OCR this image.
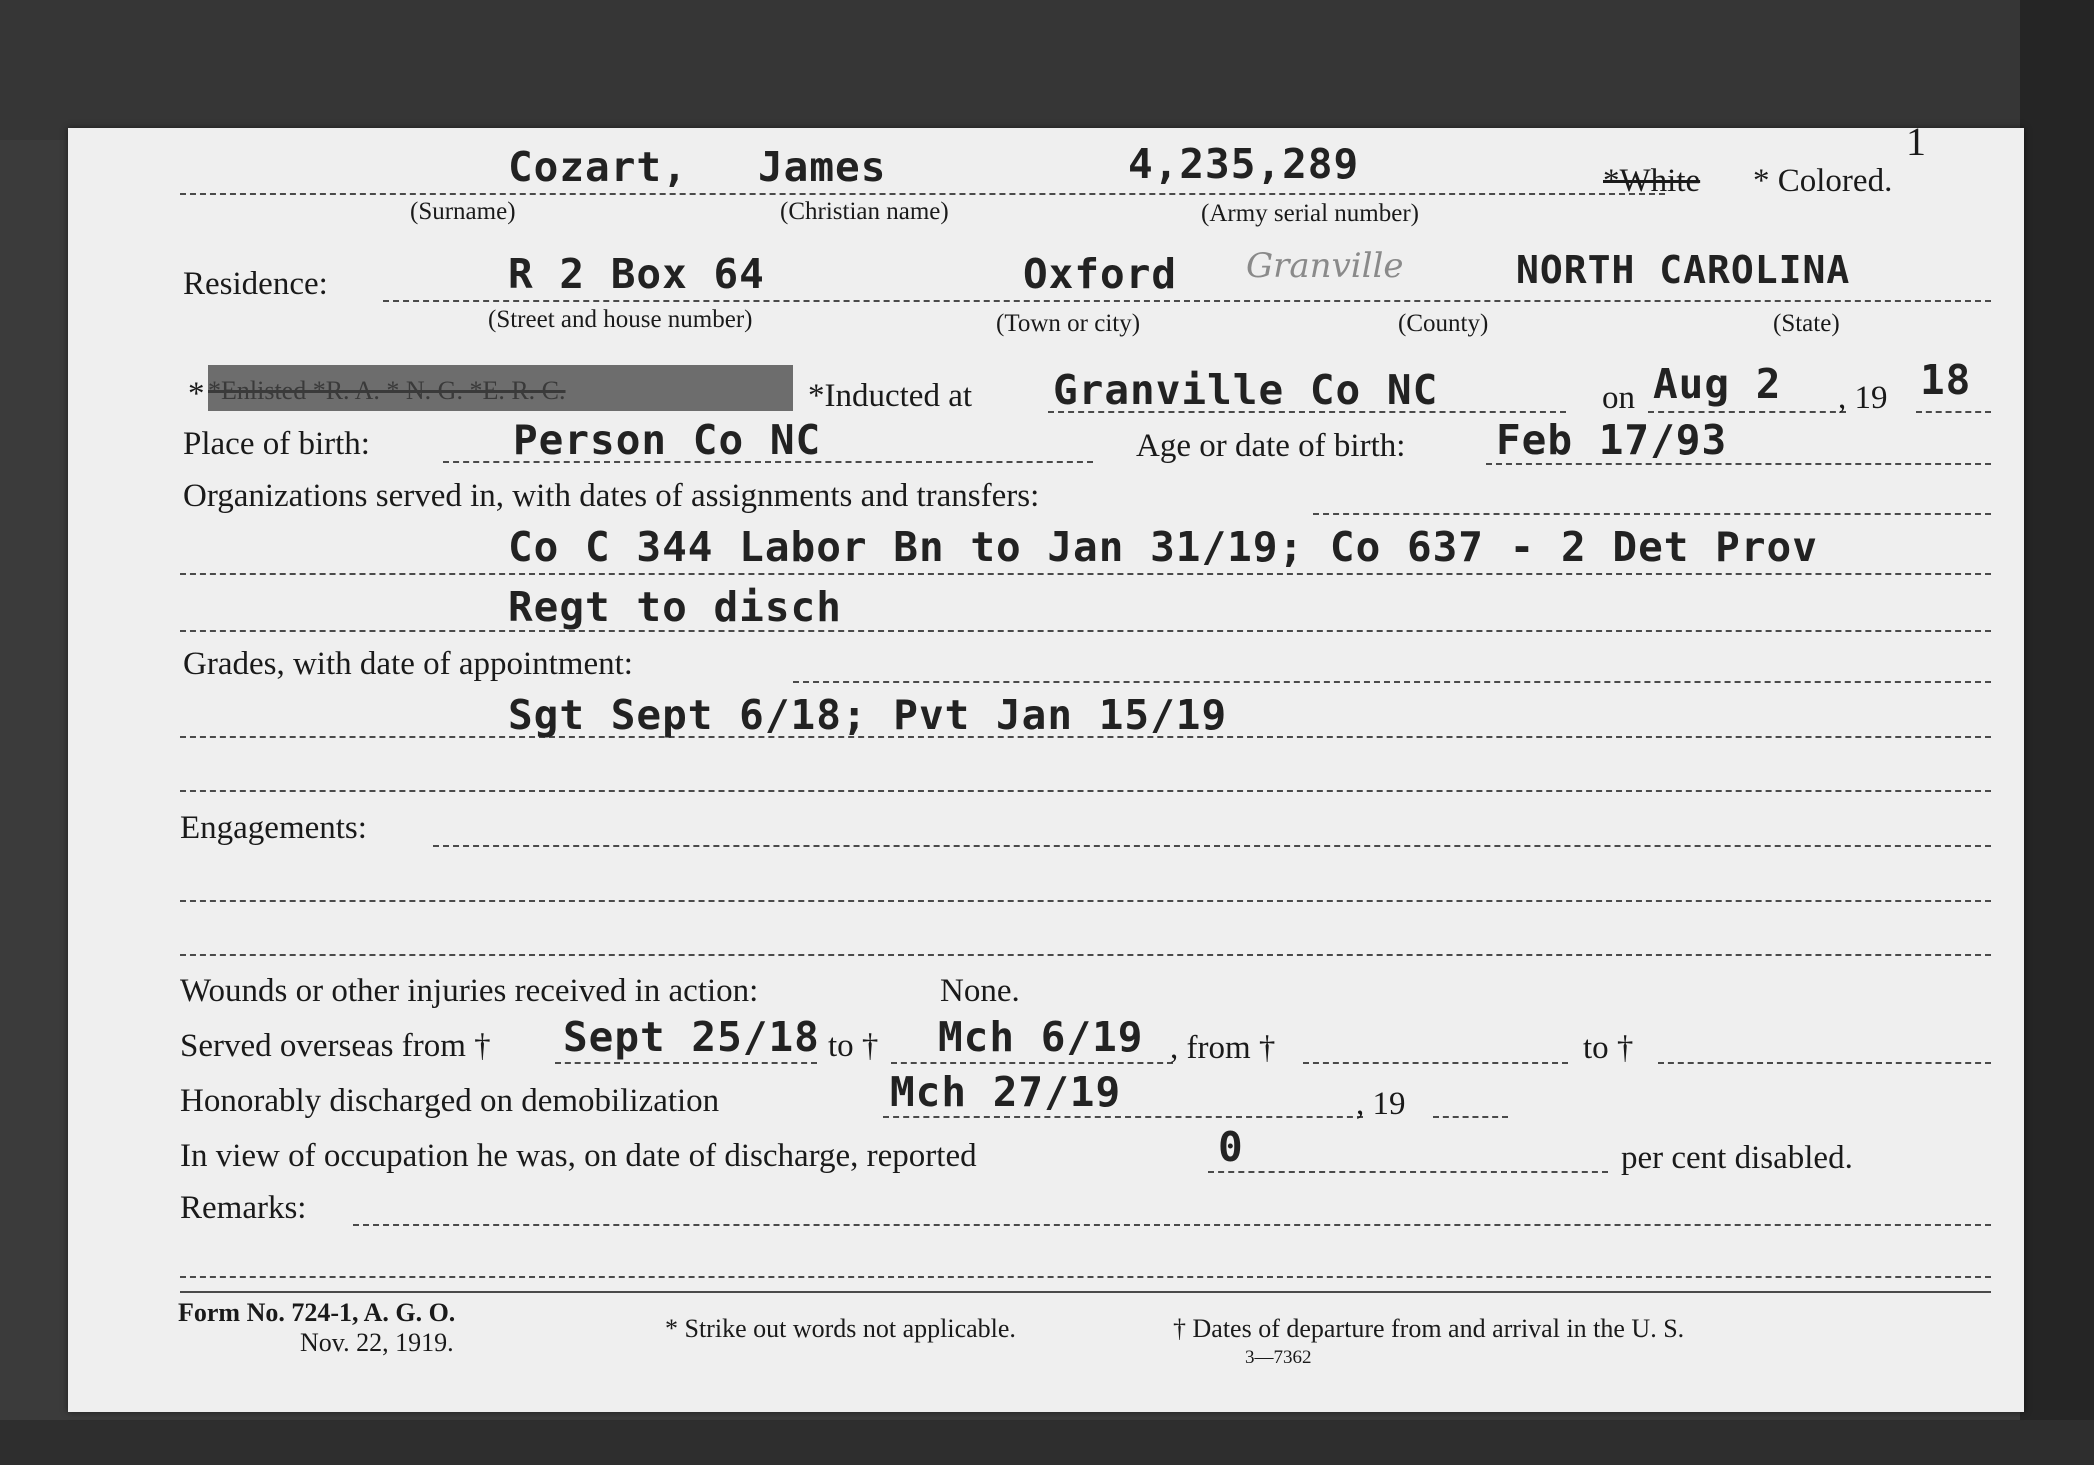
1
Cozart, James	4,235,289	*White * Colored.
(Surname)	(Christian name)	(Army serial number)
Residence:	R 2 Box 64	Oxford Granville	NORTH CAROLINA
(Street and house number)	(Town or city)	(County)	(State)
* *Enlisted *R. A. * N. G. *E. R. C.	*Inducted at Granville Co NC	on Aug 2 , 19 18
Place of birth:	Person Co NC	Age or date of birth: Feb 17/93
Organizations served in, with dates of assignments and transfers:
Co C 344 Labor Bn to Jan 31/19; Co 637 - 2 Det Prov
Regt to disch
Grades, with date of appointment:
Sgt Sept 6/18; Pvt Jan 15/19
Engagements:
Wounds or other injuries received in action:	None.
Served overseas from † Sept 25/18 to † Mch 6/19 , from †	to †
Honorably discharged on demobilization	Mch 27/19	, 19
In view of occupation he was, on date of discharge, reported	0	per cent disabled.
Remarks:
Form No. 724-1, A. G. O.
Nov. 22, 1919.	* Strike out words not applicable.	† Dates of departure from and arrival in the U. S.
3—7362
